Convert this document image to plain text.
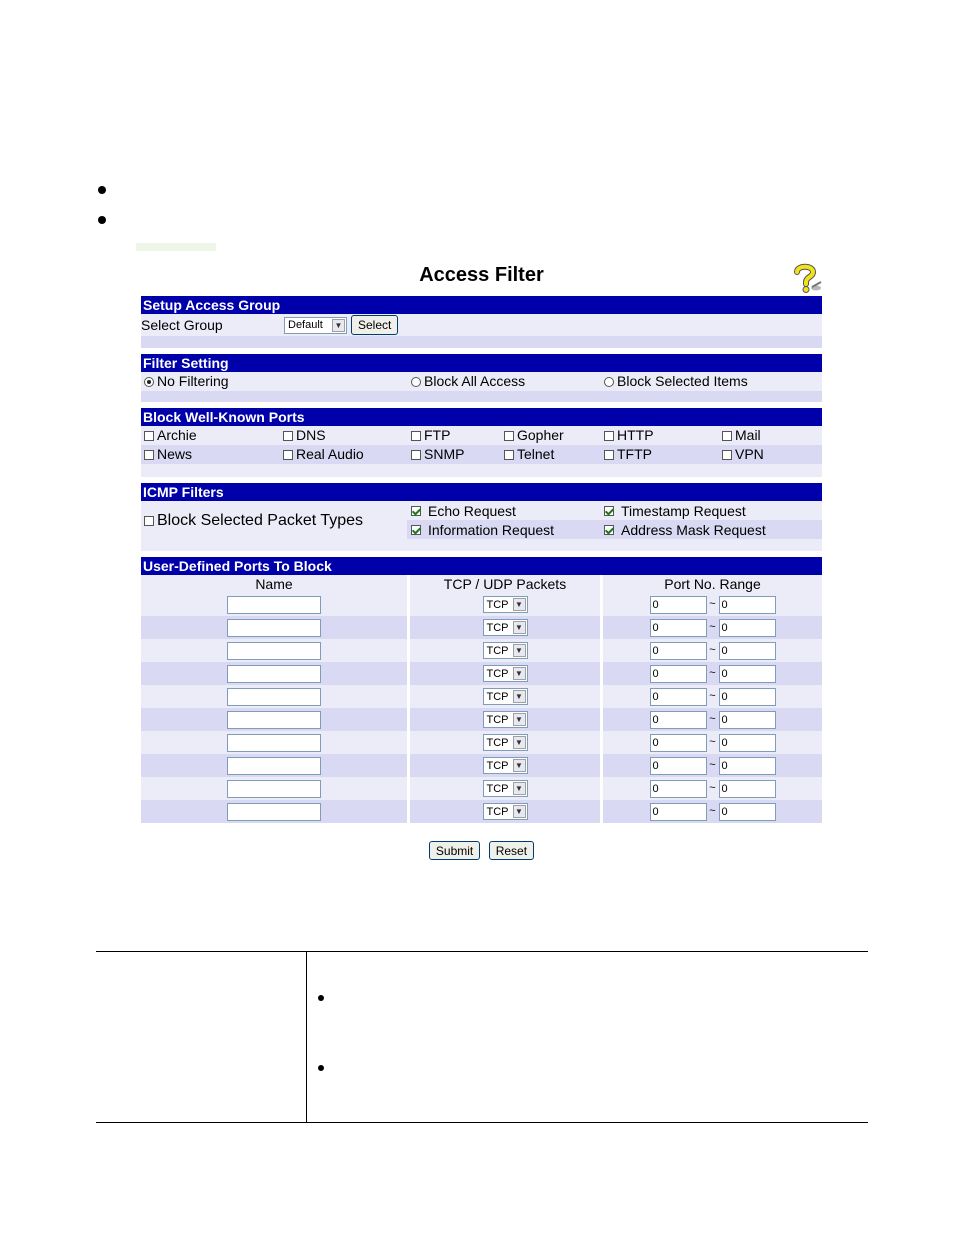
Access Filter
Setup Access Group
Select Group	Default	▼	Select
Filter Setting
No Filtering	Block All Access	Block Selected Items
Block Well-Known Ports
Archie	DNS	FTP	Gopher	HTTP	Mail
News	Real Audio	SNMP	Telnet	TFTP	VPN
ICMP Filters
Block Selected Packet Types
Echo Request	Timestamp Request
Information Request	Address Mask Request
User-Defined Ports To Block
Name	TCP / UDP Packets	Port No. Range

	TCP ▼	0 ~ 0

	TCP ▼	0 ~ 0

	TCP ▼	0 ~ 0

	TCP ▼	0 ~ 0

	TCP ▼	0 ~ 0

	TCP ▼	0 ~ 0

	TCP ▼	0 ~ 0

	TCP ▼	0 ~ 0

	TCP ▼	0 ~ 0

	TCP ▼	0 ~ 0
Submit Reset
